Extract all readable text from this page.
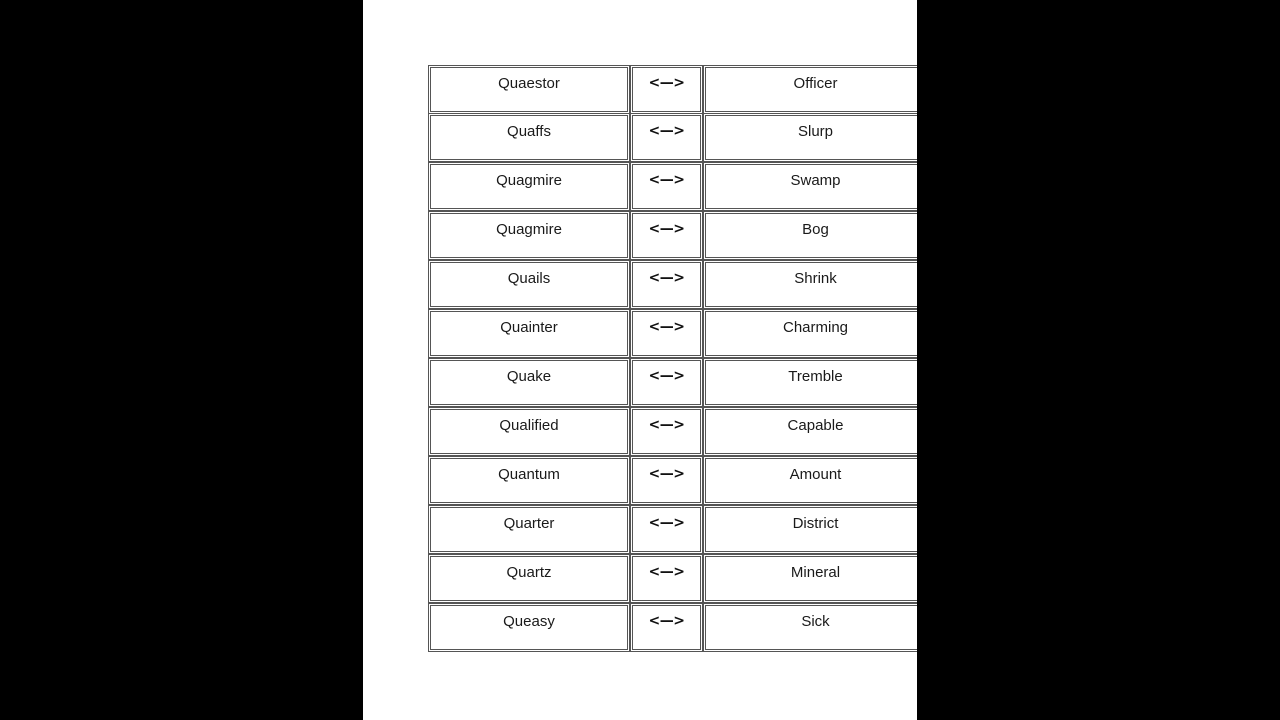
Quaestor	<—>	Officer
Quaffs	<—>	Slurp
Quagmire	<—>	Swamp
Quagmire	<—>	Bog
Quails	<—>	Shrink
Quainter	<—>	Charming
Quake	<—>	Tremble
Qualified	<—>	Capable
Quantum	<—>	Amount
Quarter	<—>	District
Quartz	<—>	Mineral
Queasy	<—>	Sick
